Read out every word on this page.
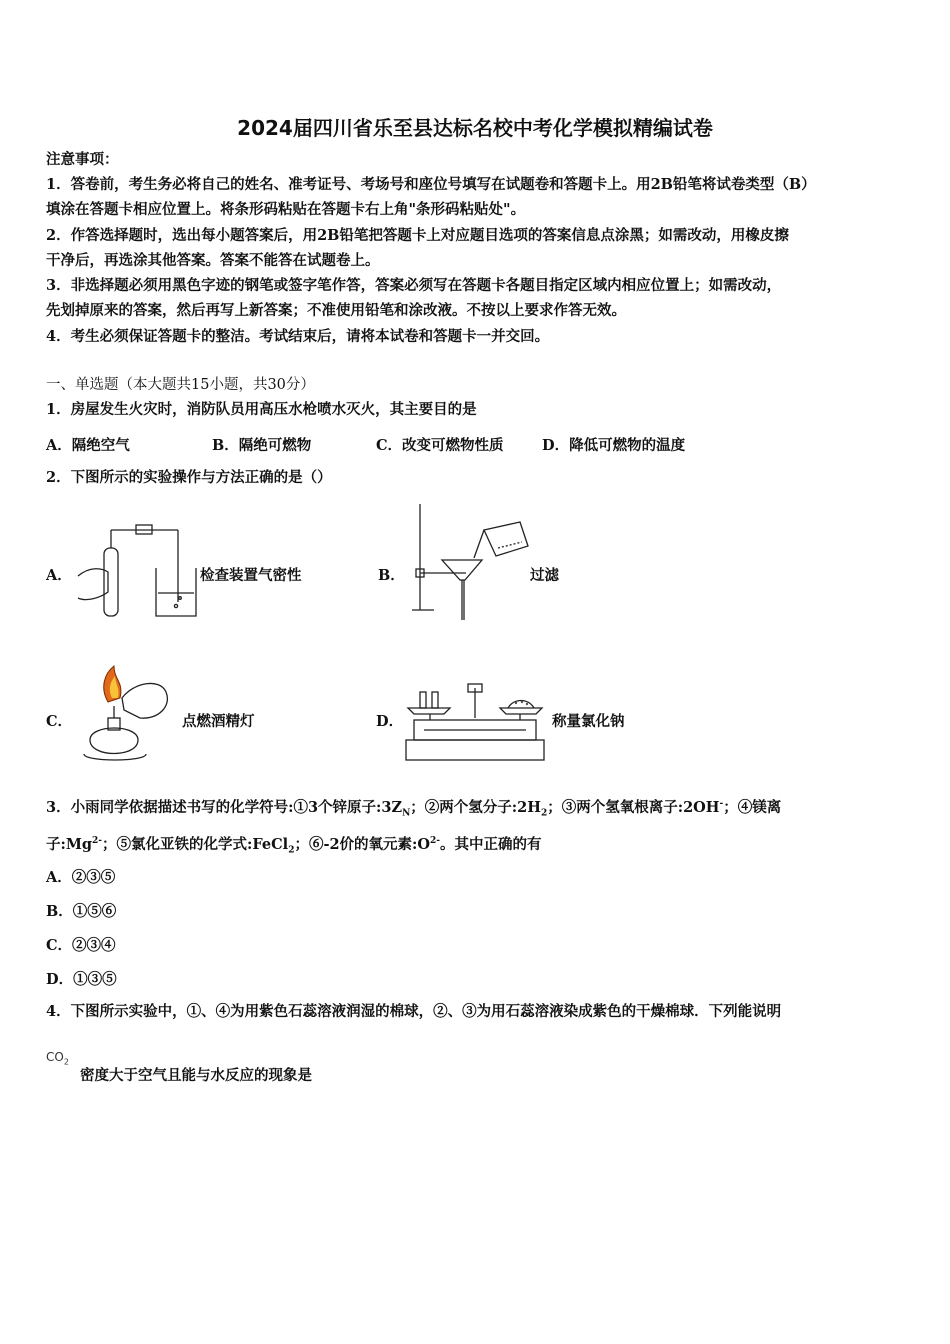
2024届四川省乐至县达标名校中考化学模拟精编试卷
注意事项：
1．答卷前，考生务必将自己的姓名、准考证号、考场号和座位号填写在试题卷和答题卡上。用2B铅笔将试卷类型（B）
填涂在答题卡相应位置上。将条形码粘贴在答题卡右上角"条形码粘贴处"。
2．作答选择题时，选出每小题答案后，用2B铅笔把答题卡上对应题目选项的答案信息点涂黑；如需改动，用橡皮擦
干净后，再选涂其他答案。答案不能答在试题卷上。
3．非选择题必须用黑色字迹的钢笔或签字笔作答，答案必须写在答题卡各题目指定区域内相应位置上；如需改动，
先划掉原来的答案，然后再写上新答案；不准使用铅笔和涂改液。不按以上要求作答无效。
4．考生必须保证答题卡的整洁。考试结束后，请将本试卷和答题卡一并交回。
一、单选题（本大题共15小题，共30分）
1．房屋发生火灾时，消防队员用高压水枪喷水灭火，其主要目的是
A．隔绝空气	B．隔绝可燃物	C．改变可燃物性质	D．降低可燃物的温度
2．下图所示的实验操作与方法正确的是（）
A．	检查装置气密性	B．	过滤
C．	点燃酒精灯	D．	称量氯化钠
3．小雨同学依据描述书写的化学符号:①3个锌原子$:3Z_N$；②两个氢分子$:2H_2$；③两个氢氧根离子:2OH-；④镁离
子$:Mg^{2-}$；⑤氯化亚铁的化学式:FeCl$_2$；⑥-2价的氧元素$:O^{2-}$。其中正确的有
A．②③⑤
B．①⑤⑥
C．②③④
D．①③⑤
4．下图所示实验中，①、④为用紫色石蕊溶液润湿的棉球，②、③为用石蕊溶液染成紫色的干燥棉球．下列能说明
$CO_2$
密度大于空气且能与水反应的现象是
